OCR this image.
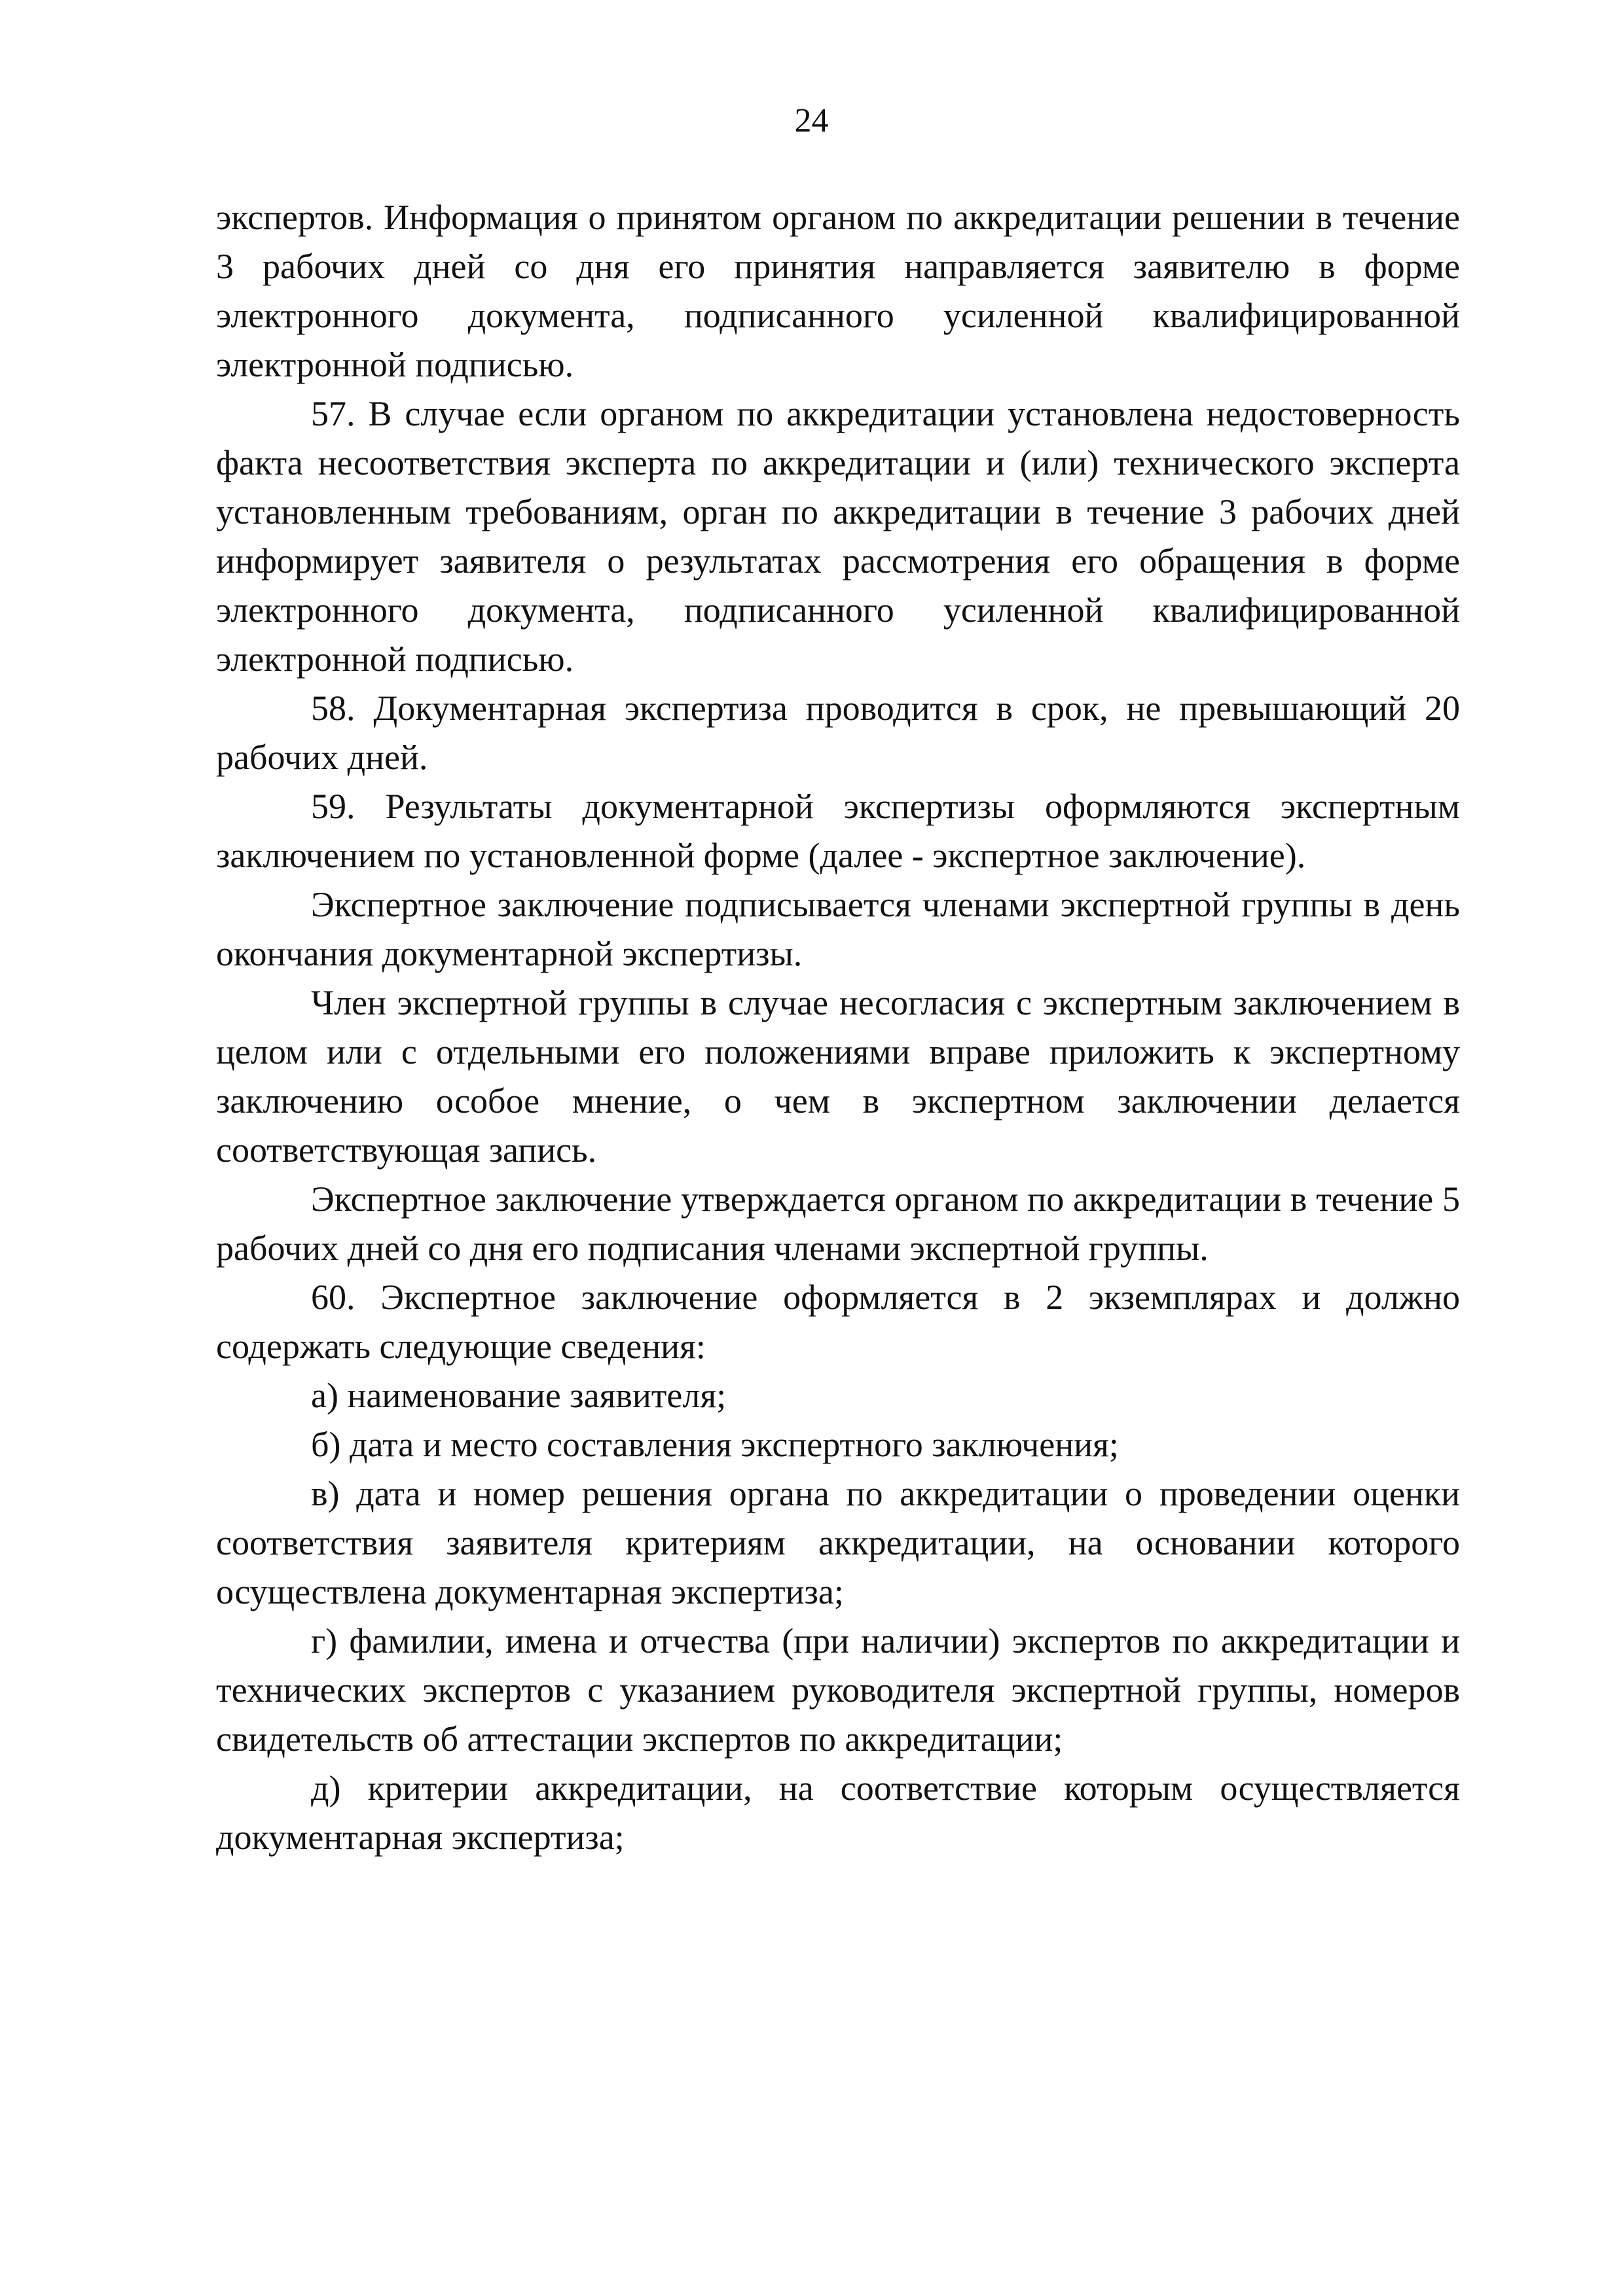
24

экспертов. Информация о принятом органом по аккредитации решении в течение 3 рабочих дней со дня его принятия направляется заявителю в форме электронного документа, подписанного усиленной квалифицированной электронной подписью.

57. В случае если органом по аккредитации установлена недостоверность факта несоответствия эксперта по аккредитации и (или) технического эксперта установленным требованиям, орган по аккредитации в течение 3 рабочих дней информирует заявителя о результатах рассмотрения его обращения в форме электронного документа, подписанного усиленной квалифицированной электронной подписью.

58. Документарная экспертиза проводится в срок, не превышающий 20 рабочих дней.

59. Результаты документарной экспертизы оформляются экспертным заключением по установленной форме (далее - экспертное заключение).

Экспертное заключение подписывается членами экспертной группы в день окончания документарной экспертизы.

Член экспертной группы в случае несогласия с экспертным заключением в целом или с отдельными его положениями вправе приложить к экспертному заключению особое мнение, о чем в экспертном заключении делается соответствующая запись.

Экспертное заключение утверждается органом по аккредитации в течение 5 рабочих дней со дня его подписания членами экспертной группы.

60. Экспертное заключение оформляется в 2 экземплярах и должно содержать следующие сведения:

а) наименование заявителя;

б) дата и место составления экспертного заключения;

в) дата и номер решения органа по аккредитации о проведении оценки соответствия заявителя критериям аккредитации, на основании которого осуществлена документарная экспертиза;

г) фамилии, имена и отчества (при наличии) экспертов по аккредитации и технических экспертов с указанием руководителя экспертной группы, номеров свидетельств об аттестации экспертов по аккредитации;

д) критерии аккредитации, на соответствие которым осуществляется документарная экспертиза;
